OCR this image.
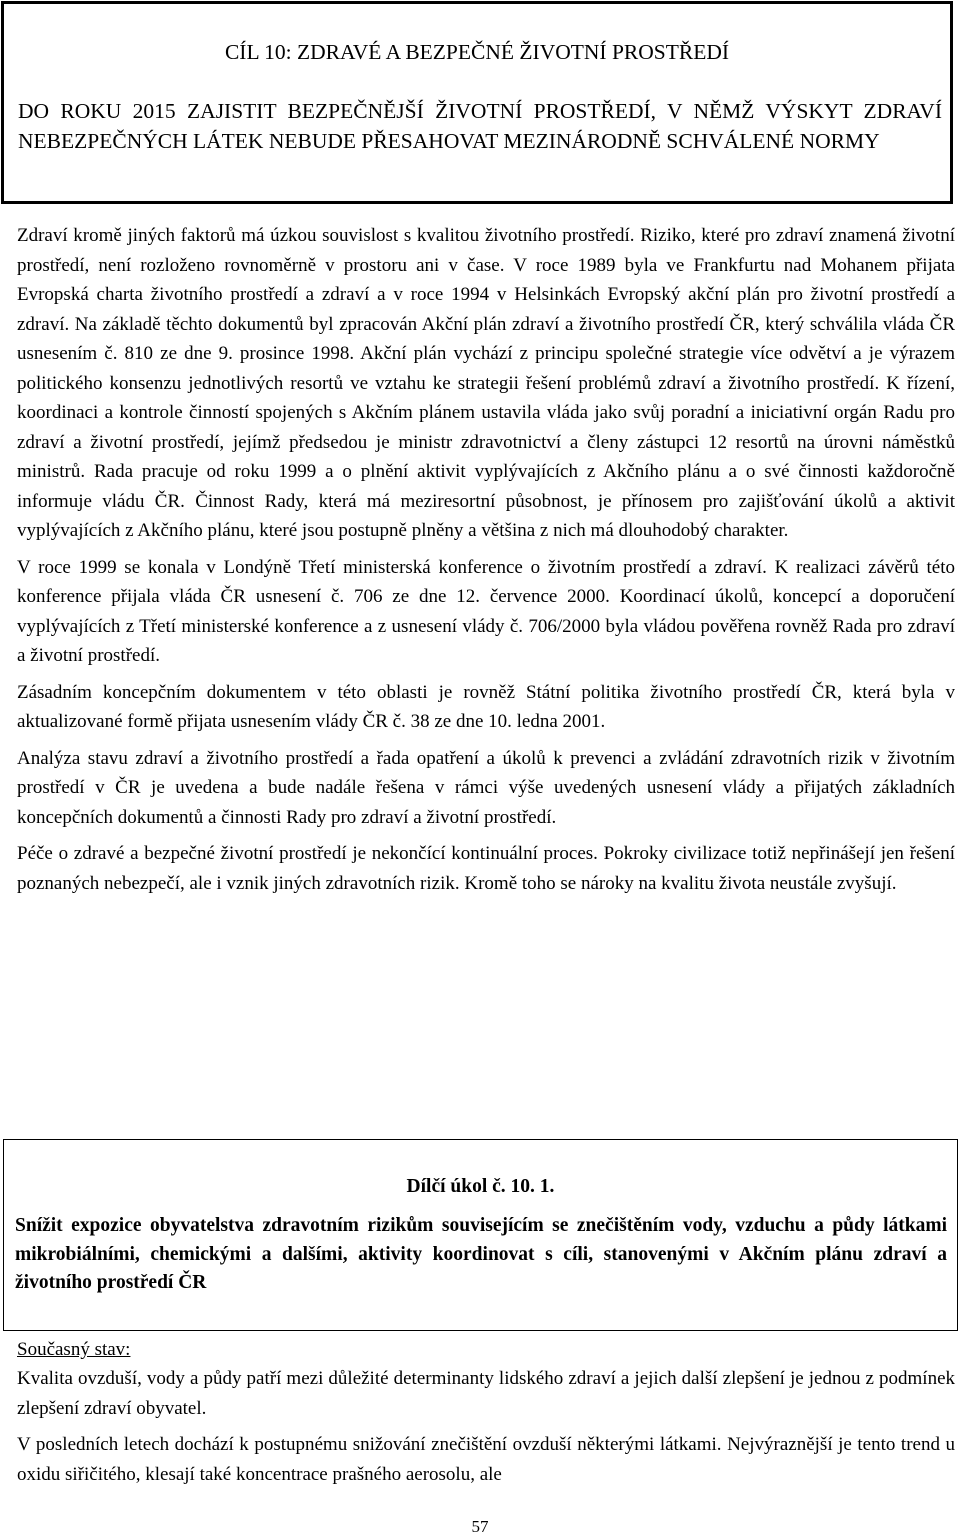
CÍL 10: ZDRAVÉ A BEZPEČNÉ ŽIVOTNÍ PROSTŘEDÍ

DO ROKU 2015 ZAJISTIT BEZPEČNĚJŠÍ ŽIVOTNÍ PROSTŘEDÍ, V NĚMŽ VÝSKYT ZDRAVÍ NEBEZPEČNÝCH LÁTEK NEBUDE PŘESAHOVAT MEZINÁRODNĚ SCHVÁLENÉ NORMY

Zdraví kromě jiných faktorů má úzkou souvislost s kvalitou životního prostředí. Riziko, které pro zdraví znamená životní prostředí, není rozloženo rovnoměrně v prostoru ani v čase. V roce 1989 byla ve Frankfurtu nad Mohanem přijata Evropská charta životního prostředí a zdraví a v roce 1994 v Helsinkách Evropský akční plán pro životní prostředí a zdraví. Na základě těchto dokumentů byl zpracován Akční plán zdraví a životního prostředí ČR, který schválila vláda ČR usnesením č. 810 ze dne 9. prosince 1998. Akční plán vychází z principu společné strategie více odvětví a je výrazem politického konsenzu jednotlivých resortů ve vztahu ke strategii řešení problémů zdraví a životního prostředí. K řízení, koordinaci a kontrole činností spojených s Akčním plánem ustavila vláda jako svůj poradní a iniciativní orgán Radu pro zdraví a životní prostředí, jejímž předsedou je ministr zdravotnictví a členy zástupci 12 resortů na úrovni náměstků ministrů. Rada pracuje od roku 1999 a o plnění aktivit vyplývajících z Akčního plánu a o své činnosti každoročně informuje vládu ČR. Činnost Rady, která má meziresortní působnost, je přínosem pro zajišťování úkolů a aktivit vyplývajících z Akčního plánu, které jsou postupně plněny a většina z nich má dlouhodobý charakter.

V roce 1999 se konala v Londýně Třetí ministerská konference o životním prostředí a zdraví. K realizaci závěrů této konference přijala vláda ČR usnesení č. 706 ze dne 12. července 2000. Koordinací úkolů, koncepcí a doporučení vyplývajících z Třetí ministerské konference a z usnesení vlády č. 706/2000 byla vládou pověřena rovněž Rada pro zdraví a životní prostředí.

Zásadním koncepčním dokumentem v této oblasti je rovněž Státní politika životního prostředí ČR, která byla v aktualizované formě přijata usnesením vlády ČR č. 38 ze dne 10. ledna 2001.

Analýza stavu zdraví a životního prostředí a řada opatření a úkolů k prevenci a zvládání zdravotních rizik v životním prostředí v ČR je uvedena a bude nadále řešena v rámci výše uvedených usnesení vlády a přijatých základních koncepčních dokumentů a činnosti Rady pro zdraví a životní prostředí.

Péče o zdravé a bezpečné životní prostředí je nekončící kontinuální proces. Pokroky civilizace totiž nepřinášejí jen řešení poznaných nebezpečí, ale i vznik jiných zdravotních rizik. Kromě toho se nároky na kvalitu života neustále zvyšují.

Dílčí úkol č. 10. 1.

Snížit expozice obyvatelstva zdravotním rizikům souvisejícím se znečištěním vody, vzduchu a půdy látkami mikrobiálními, chemickými a dalšími, aktivity koordinovat s cíli, stanovenými v Akčním plánu zdraví a životního prostředí ČR

Současný stav:

Kvalita ovzduší, vody a půdy patří mezi důležité determinanty lidského zdraví a jejich další zlepšení je jednou z podmínek zlepšení zdraví obyvatel.

V posledních letech dochází k postupnému snižování znečištění ovzduší některými látkami. Nejvýraznější je tento trend u oxidu siřičitého, klesají také koncentrace prašného aerosolu, ale

57
